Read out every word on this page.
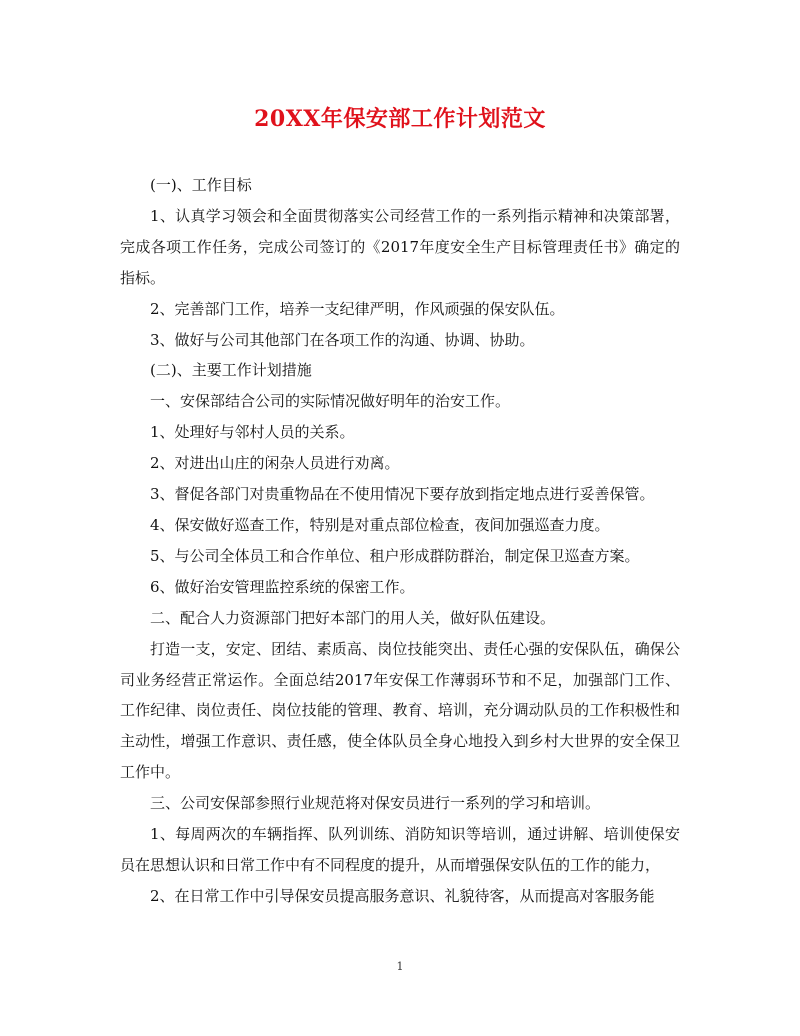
20XX年保安部工作计划范文

(一)、工作目标

1、认真学习领会和全面贯彻落实公司经营工作的一系列指示精神和决策部署，完成各项工作任务，完成公司签订的《2017年度安全生产目标管理责任书》确定的指标。

2、完善部门工作，培养一支纪律严明，作风顽强的保安队伍。

3、做好与公司其他部门在各项工作的沟通、协调、协助。

(二)、主要工作计划措施

一、安保部结合公司的实际情况做好明年的治安工作。

1、处理好与邻村人员的关系。

2、对进出山庄的闲杂人员进行劝离。

3、督促各部门对贵重物品在不使用情况下要存放到指定地点进行妥善保管。

4、保安做好巡查工作，特别是对重点部位检查，夜间加强巡查力度。

5、与公司全体员工和合作单位、租户形成群防群治，制定保卫巡查方案。

6、做好治安管理监控系统的保密工作。

二、配合人力资源部门把好本部门的用人关，做好队伍建设。

打造一支，安定、团结、素质高、岗位技能突出、责任心强的安保队伍，确保公司业务经营正常运作。全面总结2017年安保工作薄弱环节和不足，加强部门工作、工作纪律、岗位责任、岗位技能的管理、教育、培训，充分调动队员的工作积极性和主动性，增强工作意识、责任感，使全体队员全身心地投入到乡村大世界的安全保卫工作中。

三、公司安保部参照行业规范将对保安员进行一系列的学习和培训。

1、每周两次的车辆指挥、队列训练、消防知识等培训，通过讲解、培训使保安员在思想认识和日常工作中有不同程度的提升，从而增强保安队伍的工作的能力，

2、在日常工作中引导保安员提高服务意识、礼貌待客，从而提高对客服务能

1
